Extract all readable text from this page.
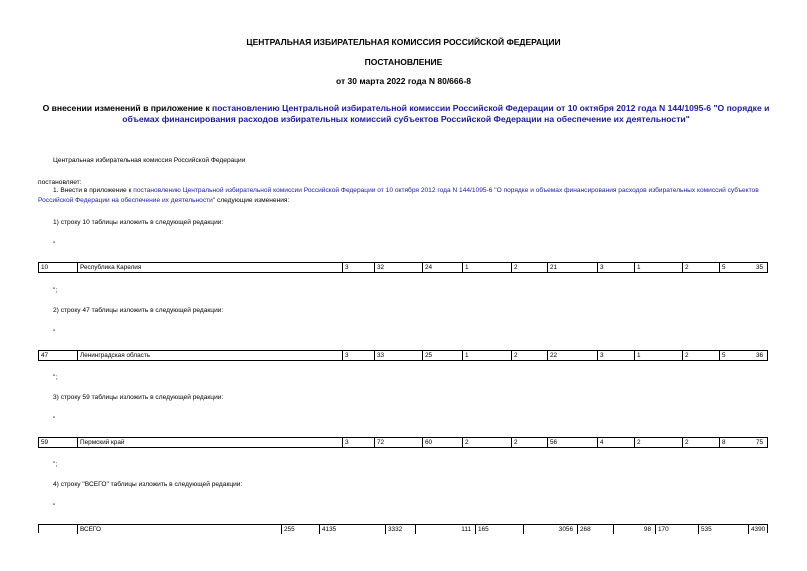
ЦЕНТРАЛЬНАЯ ИЗБИРАТЕЛЬНАЯ КОМИССИЯ РОССИЙСКОЙ ФЕДЕРАЦИИ
ПОСТАНОВЛЕНИЕ
от 30 марта 2022 года N 80/666-8
О внесении изменений в приложение к постановлению Центральной избирательной комиссии Российской Федерации от 10 октября 2012 года N 144/1095-6 "О порядке и объемах финансирования расходов избирательных комиссий субъектов Российской Федерации на обеспечение их деятельности"
Центральная избирательная комиссия Российской Федерации
постановляет:
1. Внести в приложение к постановлению Центральной избирательной комиссии Российской Федерации от 10 октября 2012 года N 144/1095-6 "О порядке и объемах финансирования расходов избирательных комиссий субъектов Российской Федерации на обеспечение их деятельности" следующие изменения:
1) строку 10 таблицы изложить в следующей редакции:
"
10	Республика Карелия	3	32	24	1	2	21	3	1	2	5	35
";
2) строку 47 таблицы изложить в следующей редакции:
"
47	Ленинградская область	3	33	25	1	2	22	3	1	2	5	36
";
3) строку 59 таблицы изложить в следующей редакции:
"
59	Пермский край	3	72	60	2	2	56	4	2	2	8	75
";
4) строку "ВСЕГО" таблицы изложить в следующей редакции:
"
ВСЕГО	255	4135	3332	111	165	3056	268	98	170	535	4390
